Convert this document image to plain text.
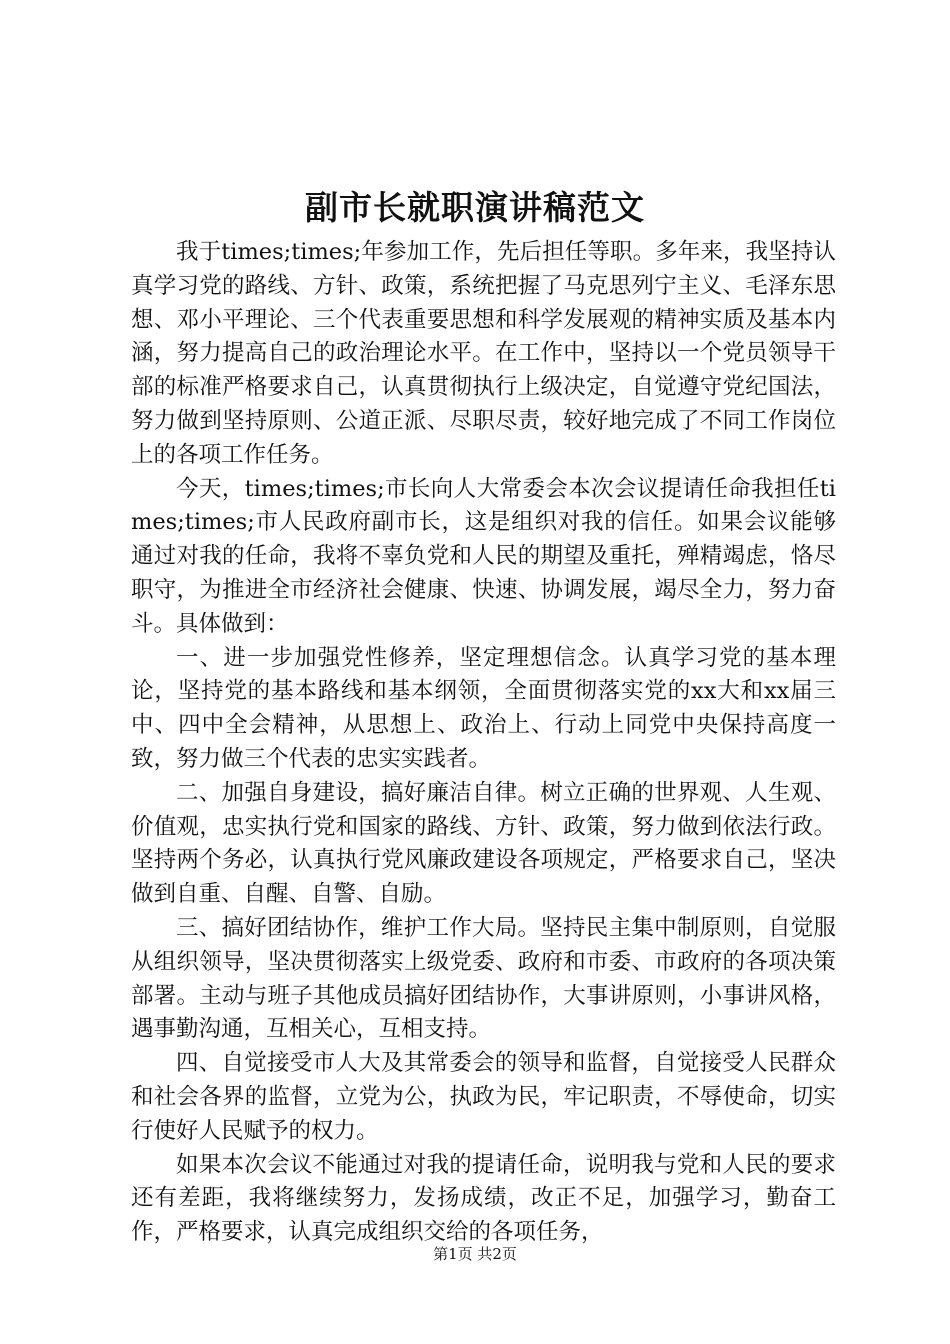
副市长就职演讲稿范文

我于times;times;年参加工作，先后担任等职。多年来，我坚持认真学习党的路线、方针、政策，系统把握了马克思列宁主义、毛泽东思想、邓小平理论、三个代表重要思想和科学发展观的精神实质及基本内涵，努力提高自己的政治理论水平。在工作中，坚持以一个党员领导干部的标准严格要求自己，认真贯彻执行上级决定，自觉遵守党纪国法，努力做到坚持原则、公道正派、尽职尽责，较好地完成了不同工作岗位上的各项工作任务。

今天，times;times;市长向人大常委会本次会议提请任命我担任times;times;市人民政府副市长，这是组织对我的信任。如果会议能够通过对我的任命，我将不辜负党和人民的期望及重托，殚精竭虑，恪尽职守，为推进全市经济社会健康、快速、协调发展，竭尽全力，努力奋斗。具体做到：

一、进一步加强党性修养，坚定理想信念。认真学习党的基本理论，坚持党的基本路线和基本纲领，全面贯彻落实党的xx大和xx届三中、四中全会精神，从思想上、政治上、行动上同党中央保持高度一致，努力做三个代表的忠实实践者。

二、加强自身建设，搞好廉洁自律。树立正确的世界观、人生观、价值观，忠实执行党和国家的路线、方针、政策，努力做到依法行政。坚持两个务必，认真执行党风廉政建设各项规定，严格要求自己，坚决做到自重、自醒、自警、自励。

三、搞好团结协作，维护工作大局。坚持民主集中制原则，自觉服从组织领导，坚决贯彻落实上级党委、政府和市委、市政府的各项决策部署。主动与班子其他成员搞好团结协作，大事讲原则，小事讲风格，遇事勤沟通，互相关心，互相支持。

四、自觉接受市人大及其常委会的领导和监督，自觉接受人民群众和社会各界的监督，立党为公，执政为民，牢记职责，不辱使命，切实行使好人民赋予的权力。

如果本次会议不能通过对我的提请任命，说明我与党和人民的要求还有差距，我将继续努力，发扬成绩，改正不足，加强学习，勤奋工作，严格要求，认真完成组织交给的各项任务，

第1页 共2页
